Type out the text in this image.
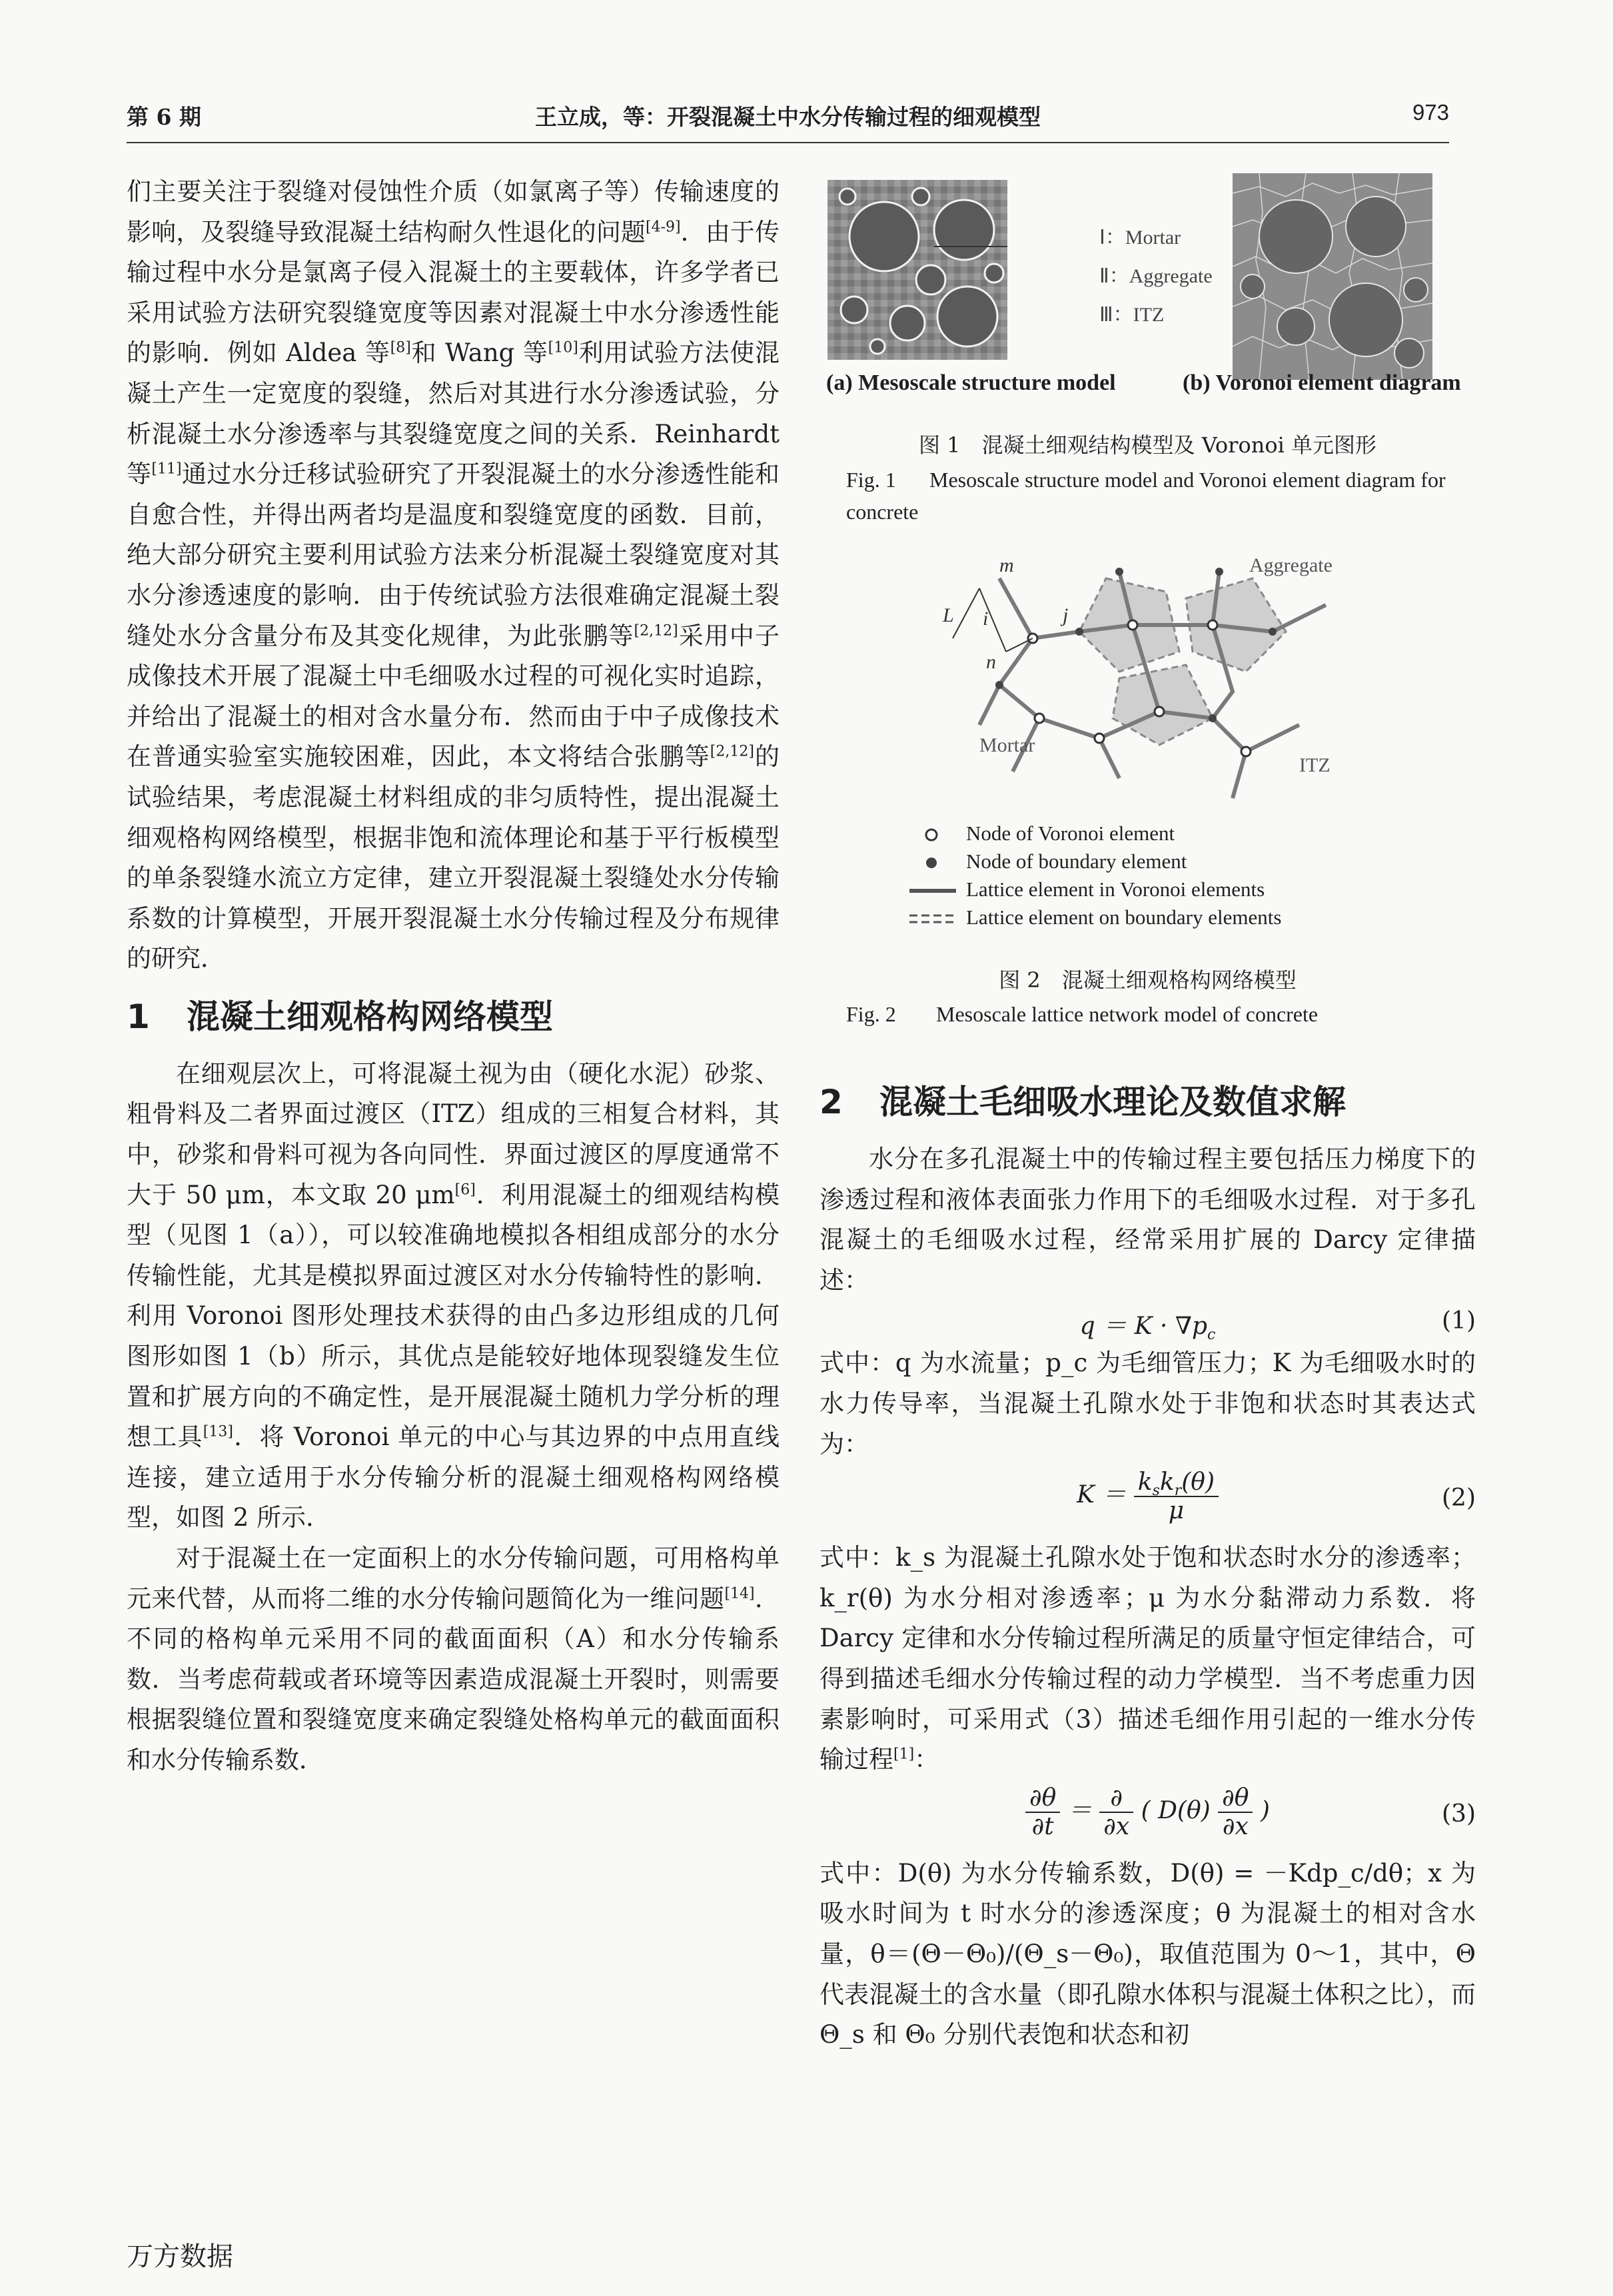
第 6 期	王立成，等：开裂混凝土中水分传输过程的细观模型	973

们主要关注于裂缝对侵蚀性介质（如氯离子等）传输速度的影响，及裂缝导致混凝土结构耐久性退化的问题[4-9]．由于传输过程中水分是氯离子侵入混凝土的主要载体，许多学者已采用试验方法研究裂缝宽度等因素对混凝土中水分渗透性能的影响．例如 Aldea 等[8]和 Wang 等[10]利用试验方法使混凝土产生一定宽度的裂缝，然后对其进行水分渗透试验，分析混凝土水分渗透率与其裂缝宽度之间的关系．Reinhardt 等[11]通过水分迁移试验研究了开裂混凝土的水分渗透性能和自愈合性，并得出两者均是温度和裂缝宽度的函数．目前，绝大部分研究主要利用试验方法来分析混凝土裂缝宽度对其水分渗透速度的影响．由于传统试验方法很难确定混凝土裂缝处水分含量分布及其变化规律，为此张鹏等[2,12]采用中子成像技术开展了混凝土中毛细吸水过程的可视化实时追踪，并给出了混凝土的相对含水量分布．然而由于中子成像技术在普通实验室实施较困难，因此，本文将结合张鹏等[2,12]的试验结果，考虑混凝土材料组成的非匀质特性，提出混凝土细观格构网络模型，根据非饱和流体理论和基于平行板模型的单条裂缝水流立方定律，建立开裂混凝土裂缝处水分传输系数的计算模型，开展开裂混凝土水分传输过程及分布规律的研究．

1 混凝土细观格构网络模型

在细观层次上，可将混凝土视为由（硬化水泥）砂浆、粗骨料及二者界面过渡区（ITZ）组成的三相复合材料，其中，砂浆和骨料可视为各向同性．界面过渡区的厚度通常不大于 50 μm，本文取 20 μm[6]．利用混凝土的细观结构模型（见图 1（a）），可以较准确地模拟各相组成部分的水分传输性能，尤其是模拟界面过渡区对水分传输特性的影响．利用 Voronoi 图形处理技术获得的由凸多边形组成的几何图形如图 1（b）所示，其优点是能较好地体现裂缝发生位置和扩展方向的不确定性，是开展混凝土随机力学分析的理想工具[13]．将 Voronoi 单元的中心与其边界的中点用直线连接，建立适用于水分传输分析的混凝土细观格构网络模型，如图 2 所示．

对于混凝土在一定面积上的水分传输问题，可用格构单元来代替，从而将二维的水分传输问题简化为一维问题[14]．不同的格构单元采用不同的截面面积（A）和水分传输系数．当考虑荷载或者环境等因素造成混凝土开裂时，则需要根据裂缝位置和裂缝宽度来确定裂缝处格构单元的截面面积和水分传输系数．

Ⅰ：Mortar
Ⅱ：Aggregate
Ⅲ：ITZ
(a) Mesoscale structure model	(b) Voronoi element diagram
图 1　混凝土细观结构模型及 Voronoi 单元图形
Fig. 1 Mesoscale structure model and Voronoi element diagram for concrete
Aggregate
Mortar
ITZ
m
i	j
n
L
Node of Voronoi element
Node of boundary element
Lattice element in Voronoi elements
Lattice element on boundary elements
图 2　混凝土细观格构网络模型
Fig. 2 Mesoscale lattice network model of concrete
2 混凝土毛细吸水理论及数值求解

水分在多孔混凝土中的传输过程主要包括压力梯度下的渗透过程和液体表面张力作用下的毛细吸水过程．对于多孔混凝土的毛细吸水过程，经常采用扩展的 Darcy 定律描述：

$q = K \cdot \nabla p_c$
(1)

式中：q 为水流量；p_c 为毛细管压力；K 为毛细吸水时的水力传导率，当混凝土孔隙水处于非饱和状态时其表达式为：

$K = \frac{k_sk_r(\theta)}{\mu}$	(2)

式中：k_s 为混凝土孔隙水处于饱和状态时水分的渗透率；k_r(θ) 为水分相对渗透率；μ 为水分黏滞动力系数．将 Darcy 定律和水分传输过程所满足的质量守恒定律结合，可得到描述毛细水分传输过程的动力学模型．当不考虑重力因素影响时，可采用式（3）描述毛细作用引起的一维水分传输过程[1]：

$\frac{\partial\theta}{\partial t} = \frac{\partial}{\partial x}$ ( $D(\theta) \frac{\partial\theta}{\partial x}$ )	(3)

式中：D(θ) 为水分传输系数，D(θ) = －Kdp_c/dθ；x 为吸水时间为 t 时水分的渗透深度；θ 为混凝土的相对含水量，θ＝(Θ－Θ₀)/(Θ_s－Θ₀)，取值范围为 0～1，其中，Θ 代表混凝土的含水量（即孔隙水体积与混凝土体积之比），而 Θ_s 和 Θ₀ 分别代表饱和状态和初

万方数据
